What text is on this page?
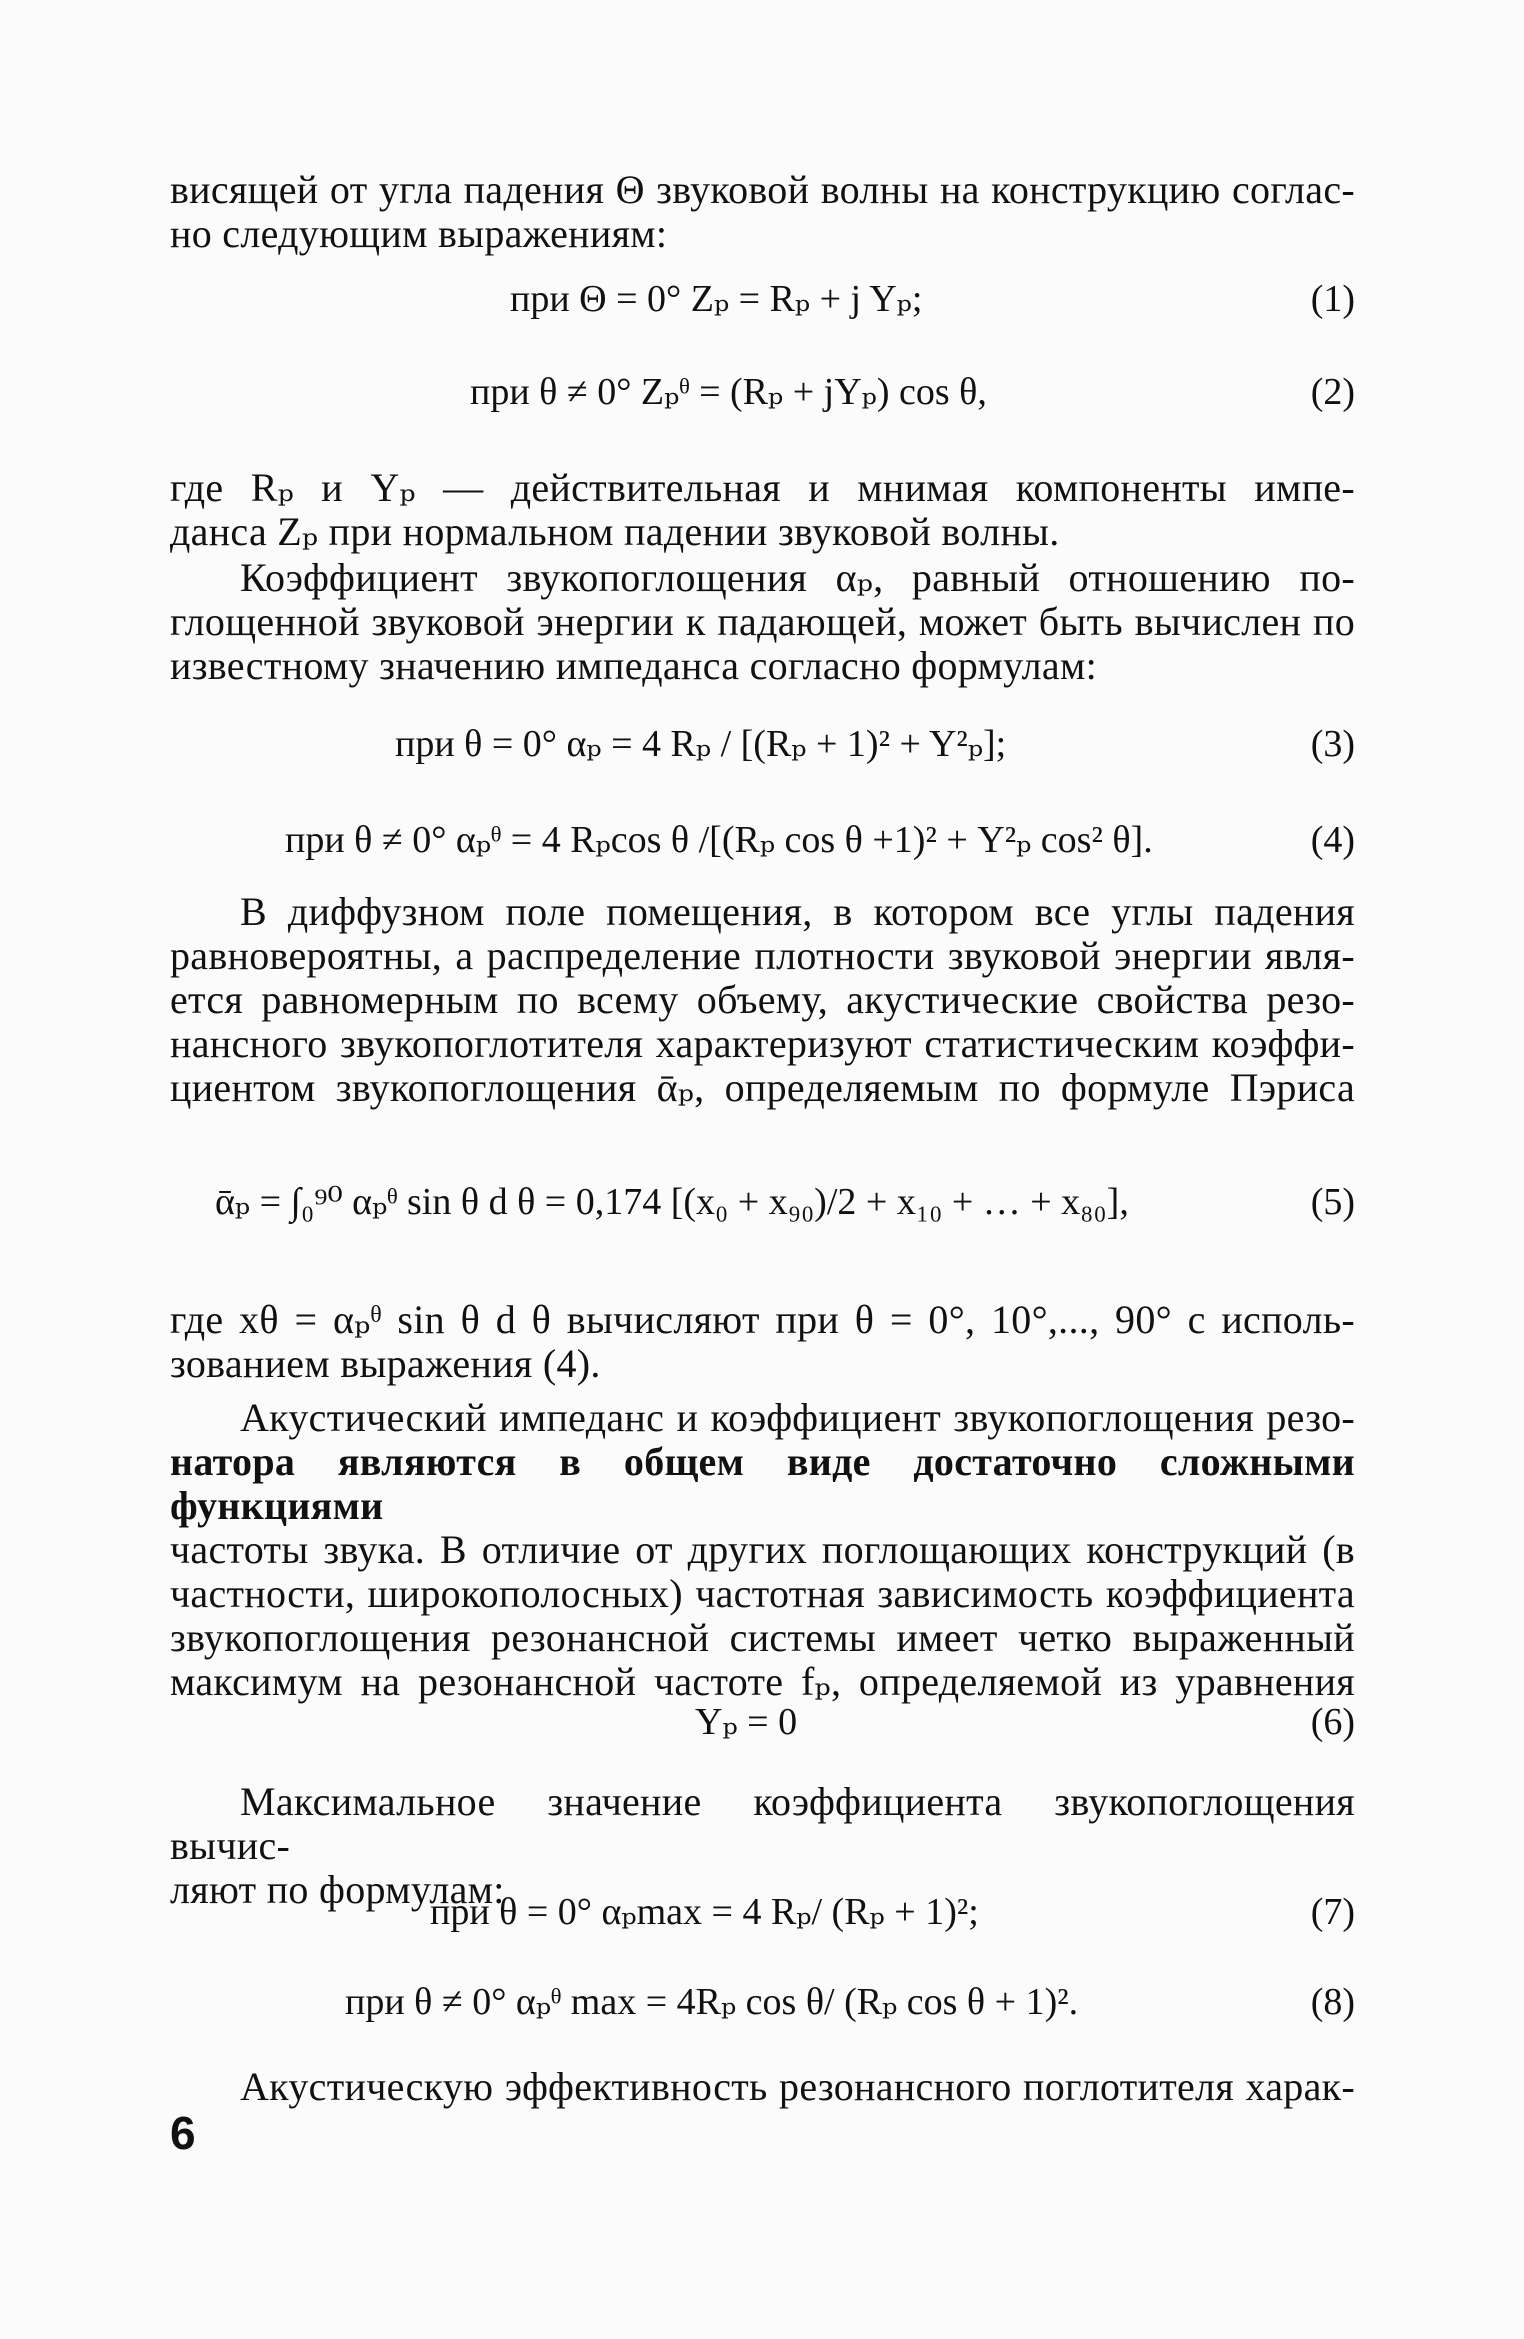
висящей от угла падения Θ звуковой волны на конструкцию соглас-
но следующим выражениям:
при Θ = 0° Zₚ = Rₚ + j Yₚ;	(1)
при θ ≠ 0° Zₚᶿ = (Rₚ + jYₚ) cos θ,	(2)
где Rₚ и Yₚ — действительная и мнимая компоненты импе-
данса Zₚ при нормальном падении звуковой волны.
Коэффициент звукопоглощения αₚ, равный отношению по-
глощенной звуковой энергии к падающей, может быть вычислен по
известному значению импеданса согласно формулам:
при θ = 0° αₚ = 4 Rₚ / [(Rₚ + 1)² + Y²ₚ];	(3)
при θ ≠ 0° αₚᶿ = 4 Rₚcos θ /[(Rₚ cos θ +1)² + Y²ₚ cos² θ].	(4)
В диффузном поле помещения, в котором все углы падения
равновероятны, а распределение плотности звуковой энергии явля-
ется равномерным по всему объему, акустические свойства резо-
нансного звукопоглотителя характеризуют статистическим коэффи-
циентом звукопоглощения ᾱₚ, определяемым по формуле Пэриса
ᾱₚ = ∫₀⁹⁰ αₚᶿ sin θ d θ = 0,174 [(x₀ + x₉₀)/2 + x₁₀ + … + x₈₀],	(5)
где xθ = αₚᶿ sin θ d θ вычисляют при θ = 0°, 10°,..., 90° с исполь-
зованием выражения (4).
Акустический импеданс и коэффициент звукопоглощения резо-
натора являются в общем виде достаточно сложными функциями
частоты звука. В отличие от других поглощающих конструкций (в
частности, широкополосных) частотная зависимость коэффициента
звукопоглощения резонансной системы имеет четко выраженный
максимум на резонансной частоте fₚ, определяемой из уравнения
Yₚ = 0	(6)
Максимальное значение коэффициента звукопоглощения вычис-
ляют по формулам:
при θ = 0° αₚmax = 4 Rₚ/ (Rₚ + 1)²;	(7)
при θ ≠ 0° αₚᶿ max = 4Rₚ cos θ/ (Rₚ cos θ + 1)².	(8)
Акустическую эффективность резонансного поглотителя харак-
6
